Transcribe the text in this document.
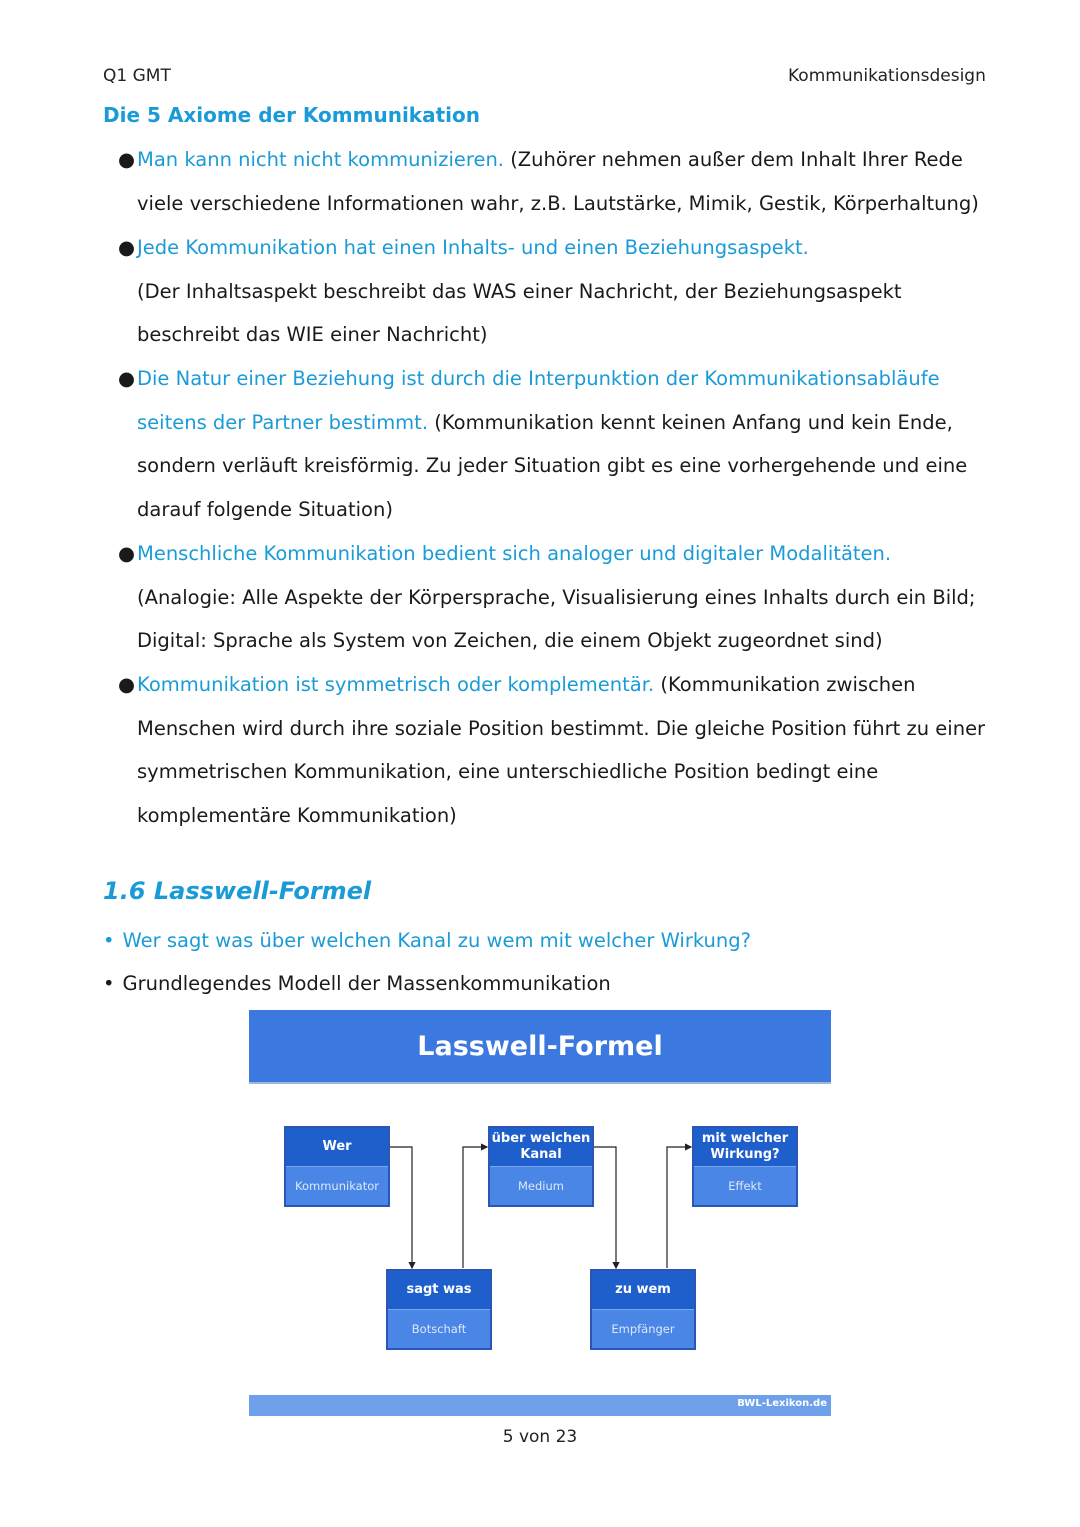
Q1 GMT	Kommunikationsdesign
Die 5 Axiome der Kommunikation
● Man kann nicht nicht kommunizieren. (Zuhörer nehmen außer dem Inhalt Ihrer Rede viele verschiedene Informationen wahr, z.B. Lautstärke, Mimik, Gestik, Körperhaltung)

● Jede Kommunikation hat einen Inhalts- und einen Beziehungsaspekt.

(Der Inhaltsaspekt beschreibt das WAS einer Nachricht, der Beziehungsaspekt beschreibt das WIE einer Nachricht)

● Die Natur einer Beziehung ist durch die Interpunktion der Kommunikationsabläufe seitens der Partner bestimmt. (Kommunikation kennt keinen Anfang und kein Ende, sondern verläuft kreisförmig. Zu jeder Situation gibt es eine vorhergehende und eine darauf folgende Situation)

● Menschliche Kommunikation bedient sich analoger und digitaler Modalitäten.

(Analogie: Alle Aspekte der Körpersprache, Visualisierung eines Inhalts durch ein Bild; Digital: Sprache als System von Zeichen, die einem Objekt zugeordnet sind)

● Kommunikation ist symmetrisch oder komplementär. (Kommunikation zwischen Menschen wird durch ihre soziale Position bestimmt. Die gleiche Position führt zu einer symmetrischen Kommunikation, eine unterschiedliche Position bedingt eine komplementäre Kommunikation)

1.6 Lasswell-Formel
• Wer sagt was über welchen Kanal zu wem mit welcher Wirkung?
• Grundlegendes Modell der Massenkommunikation
Lasswell-Formel
Wer
Kommunikator
sagt was
Botschaft
über welchen Kanal
Medium
zu wem
Empfänger
mit welcher Wirkung?
Effekt
BWL-Lexikon.de
5 von 23
